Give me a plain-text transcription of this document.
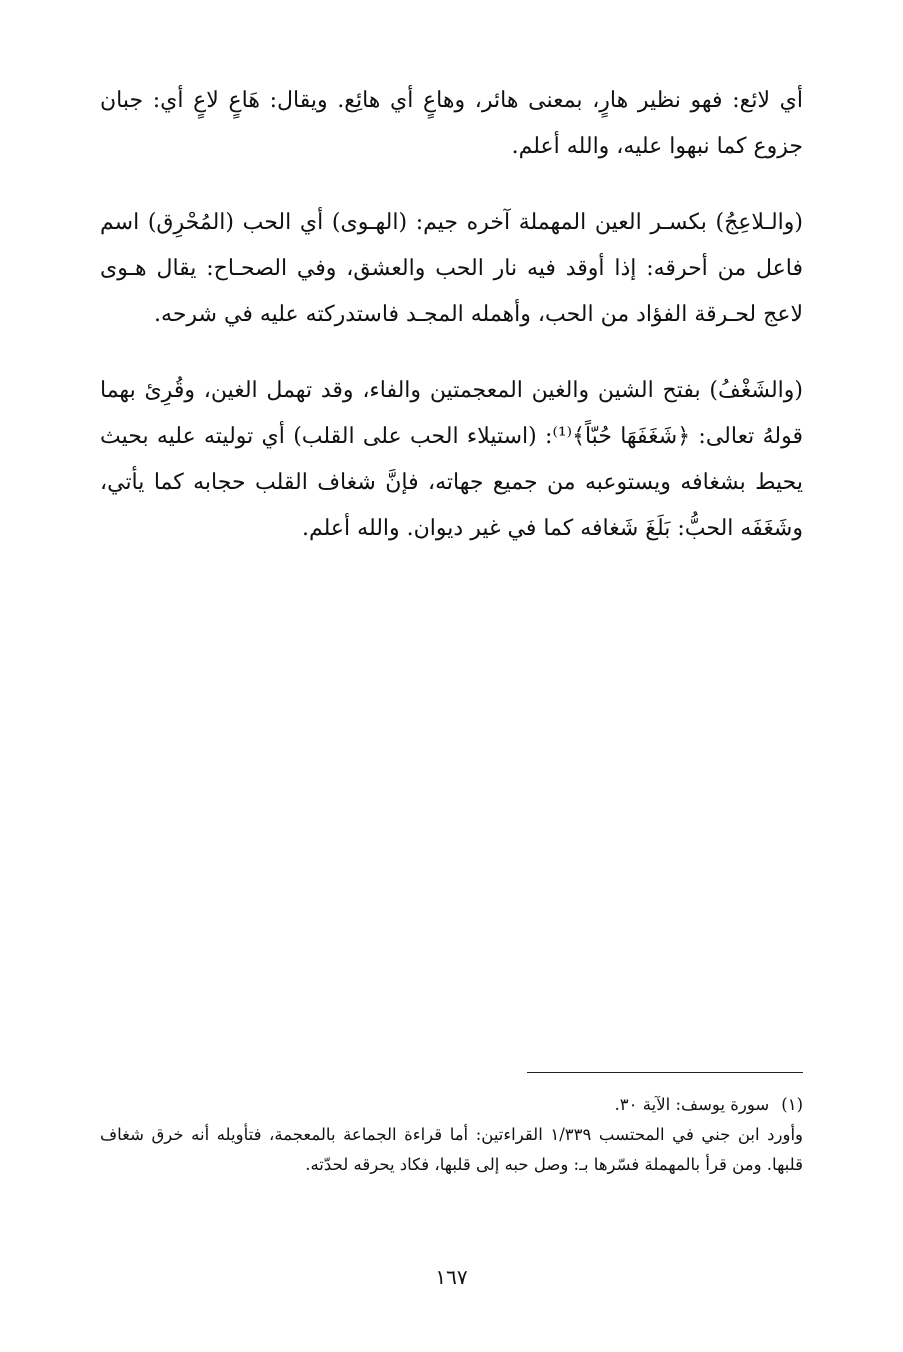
أي لائع: فهو نظير هارٍ، بمعنى هائر، وهاعٍ أي هائِع. ويقال: هَاعٍ لاعٍ أي: جبان جزوع كما نبهوا عليه، والله أعلم.

(والـلاعِجُ) بكسـر العين المهملة آخره جيم: (الهـوى) أي الحب (المُحْرِق) اسم فاعل من أحرقه: إذا أوقد فيه نار الحب والعشق، وفي الصحـاح: يقال هـوى لاعج لحـرقة الفؤاد من الحب، وأهمله المجـد فاستدركته عليه في شرحه.

(والشَغْفُ) بفتح الشين والغين المعجمتين والفاء، وقد تهمل الغين، وقُرِئ بهما قولهُ تعالى: ﴿شَغَفَهَا حُبّاً﴾⁽¹⁾: (استيلاء الحب على القلب) أي توليته عليه بحيث يحيط بشغافه ويستوعبه من جميع جهاته، فإنَّ شغاف القلب حجابه كما يأتي، وشَغَفَه الحبُّ: بَلَغَ شَغافه كما في غير ديوان. والله أعلم.

(١)سورة يوسف: الآية ٣٠.

وأورد ابن جني في المحتسب ١/٣٣٩ القراءتين: أما قراءة الجماعة بالمعجمة، فتأويله أنه خرق شغاف قلبها. ومن قرأ بالمهملة فسّرها بـ: وصل حبه إلى قلبها، فكاد يحرقه لحدّته.

١٦٧
